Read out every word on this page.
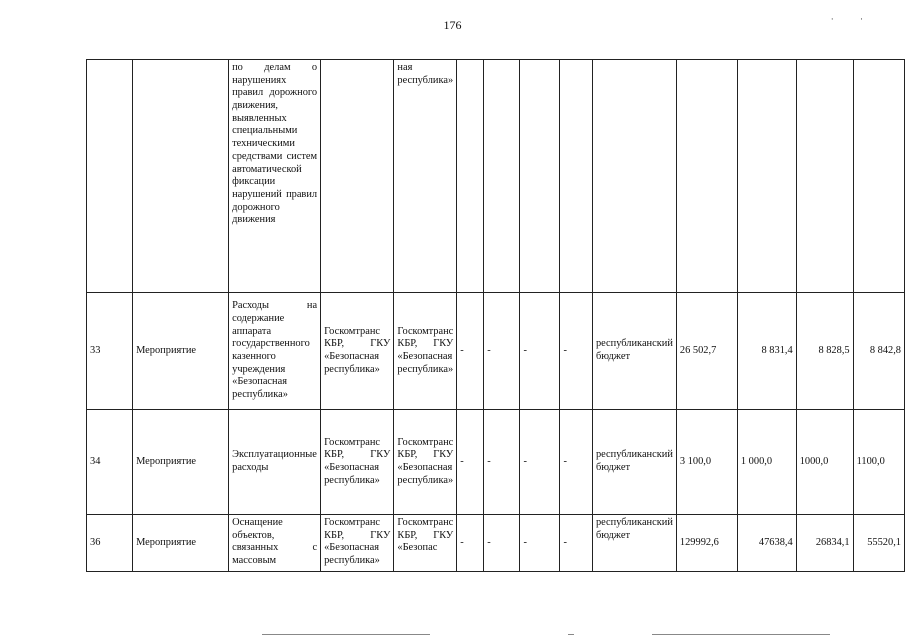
176	· ·
		по делам о нарушениях правил дорожного движения, выявленных специальными техническими средствами систем автоматической фиксации нарушений правил дорожного движения		ная республика»									
33	Мероприятие	Расходы на содержание аппарата государственного казенного учреждения «Безопасная республика»	Госкомтранс КБР, ГКУ «Безопасная республика»	Госкомтранс КБР, ГКУ «Безопасная республика»	-	-	-	-	республиканский бюджет	26 502,7	8 831,4	8 828,5	8 842,8
34	Мероприятие	Эксплуатационные расходы	Госкомтранс КБР, ГКУ «Безопасная республика»	Госкомтранс КБР, ГКУ «Безопасная республика»	-	-	-	-	республиканский бюджет	3 100,0	1 000,0	1000,0	1100,0
36	Мероприятие	Оснащение объектов, связанных с массовым	Госкомтранс КБР, ГКУ «Безопасная республика»	Госкомтранс КБР, ГКУ «Безопас	-	-	-	-	республиканский бюджет	129992,6	47638,4	26834,1	55520,1
